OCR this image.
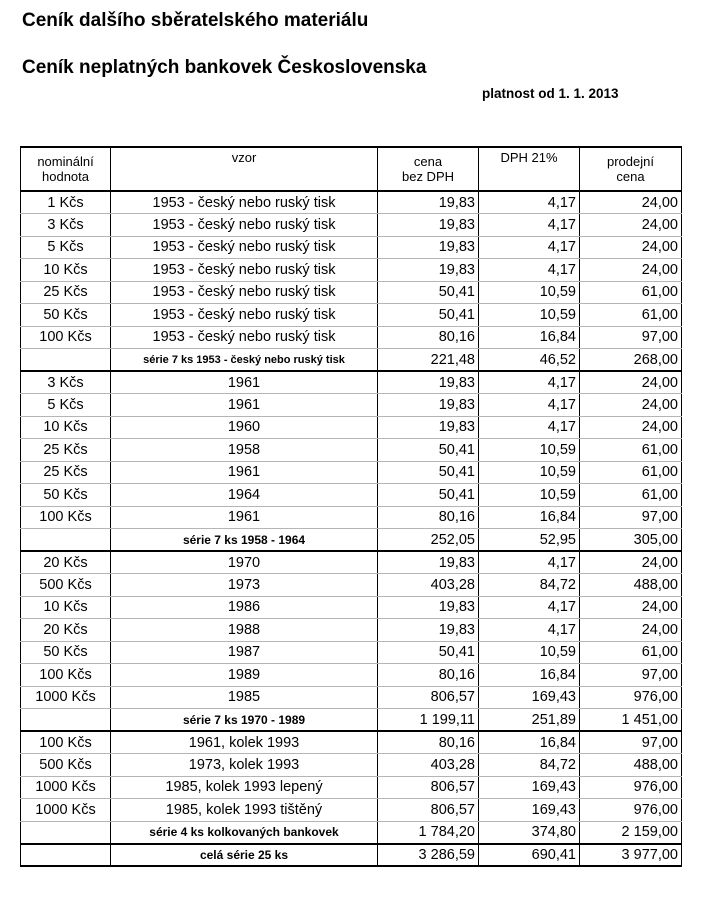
Ceník dalšího sběratelského materiálu
Ceník neplatných bankovek Československa
platnost od 1. 1. 2013
nominální	vzor	cena	DPH 21%	prodejní
hodnota		bez DPH		cena
1 Kčs	1953 - český nebo ruský tisk	19,83	4,17	24,00
3 Kčs	1953 - český nebo ruský tisk	19,83	4,17	24,00
5 Kčs	1953 - český nebo ruský tisk	19,83	4,17	24,00
10 Kčs	1953 - český nebo ruský tisk	19,83	4,17	24,00
25 Kčs	1953 - český nebo ruský tisk	50,41	10,59	61,00
50 Kčs	1953 - český nebo ruský tisk	50,41	10,59	61,00
100 Kčs	1953 - český nebo ruský tisk	80,16	16,84	97,00
	série 7 ks 1953 - český nebo ruský tisk	221,48	46,52	268,00
3 Kčs	1961	19,83	4,17	24,00
5 Kčs	1961	19,83	4,17	24,00
10 Kčs	1960	19,83	4,17	24,00
25 Kčs	1958	50,41	10,59	61,00
25 Kčs	1961	50,41	10,59	61,00
50 Kčs	1964	50,41	10,59	61,00
100 Kčs	1961	80,16	16,84	97,00
	série 7 ks 1958 - 1964	252,05	52,95	305,00
20 Kčs	1970	19,83	4,17	24,00
500 Kčs	1973	403,28	84,72	488,00
10 Kčs	1986	19,83	4,17	24,00
20 Kčs	1988	19,83	4,17	24,00
50 Kčs	1987	50,41	10,59	61,00
100 Kčs	1989	80,16	16,84	97,00
1000 Kčs	1985	806,57	169,43	976,00
	série 7 ks 1970 - 1989	1 199,11	251,89	1 451,00
100 Kčs	1961, kolek 1993	80,16	16,84	97,00
500 Kčs	1973, kolek 1993	403,28	84,72	488,00
1000 Kčs	1985, kolek 1993 lepený	806,57	169,43	976,00
1000 Kčs	1985, kolek 1993 tištěný	806,57	169,43	976,00
	série 4 ks kolkovaných bankovek	1 784,20	374,80	2 159,00
	celá série 25 ks	3 286,59	690,41	3 977,00
